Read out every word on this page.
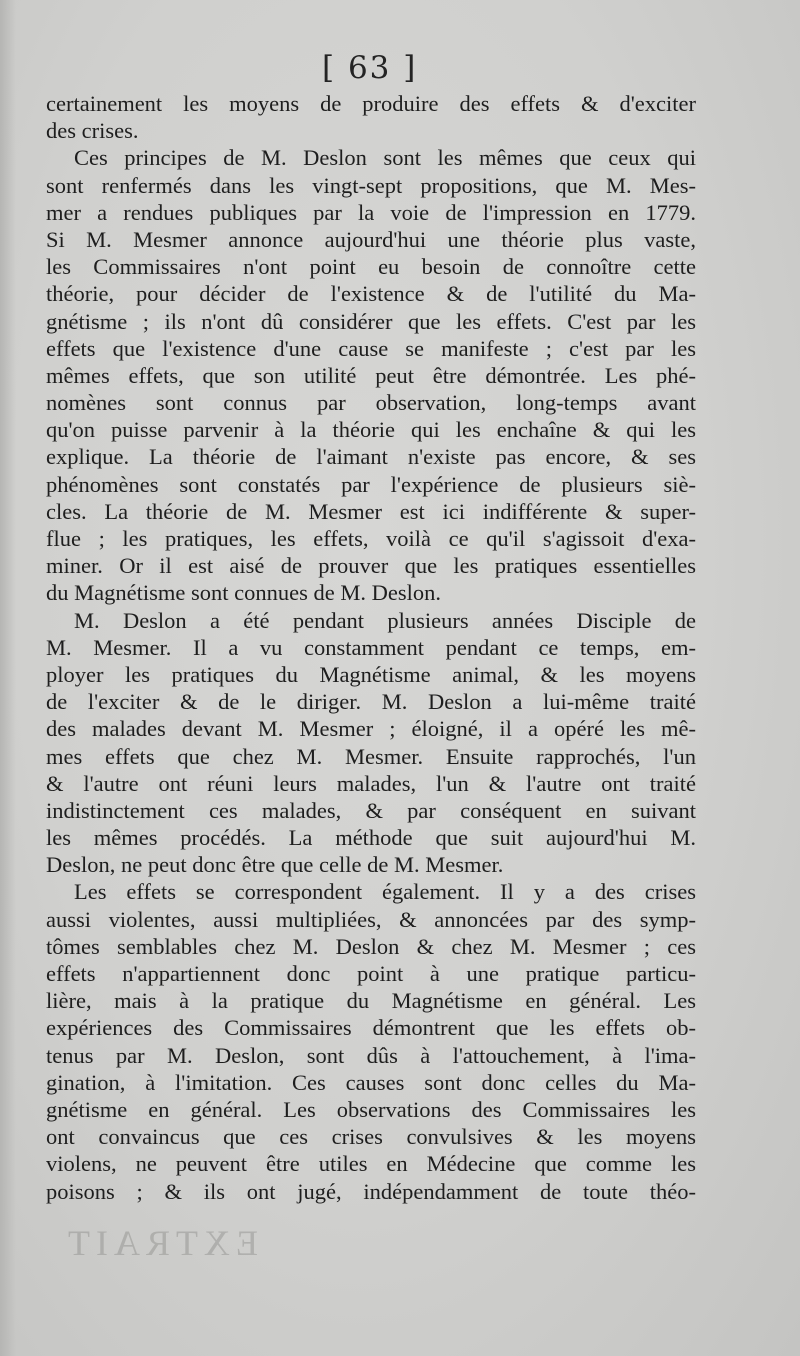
[ 63 ]
EXTRAIT
certainement les moyens de produire des effets & d'exciter
des crises.
Ces principes de M. Deslon sont les mêmes que ceux qui
sont renfermés dans les vingt-sept propositions, que M. Mes-
mer a rendues publiques par la voie de l'impression en 1779.
Si M. Mesmer annonce aujourd'hui une théorie plus vaste,
les Commissaires n'ont point eu besoin de connoître cette
théorie, pour décider de l'existence & de l'utilité du Ma-
gnétisme ; ils n'ont dû considérer que les effets. C'est par les
effets que l'existence d'une cause se manifeste ; c'est par les
mêmes effets, que son utilité peut être démontrée. Les phé-
nomènes sont connus par observation, long-temps avant
qu'on puisse parvenir à la théorie qui les enchaîne & qui les
explique. La théorie de l'aimant n'existe pas encore, & ses
phénomènes sont constatés par l'expérience de plusieurs siè-
cles. La théorie de M. Mesmer est ici indifférente & super-
flue ; les pratiques, les effets, voilà ce qu'il s'agissoit d'exa-
miner. Or il est aisé de prouver que les pratiques essentielles
du Magnétisme sont connues de M. Deslon.
M. Deslon a été pendant plusieurs années Disciple de
M. Mesmer. Il a vu constamment pendant ce temps, em-
ployer les pratiques du Magnétisme animal, & les moyens
de l'exciter & de le diriger. M. Deslon a lui-même traité
des malades devant M. Mesmer ; éloigné, il a opéré les mê-
mes effets que chez M. Mesmer. Ensuite rapprochés, l'un
& l'autre ont réuni leurs malades, l'un & l'autre ont traité
indistinctement ces malades, & par conséquent en suivant
les mêmes procédés. La méthode que suit aujourd'hui M.
Deslon, ne peut donc être que celle de M. Mesmer.
Les effets se correspondent également. Il y a des crises
aussi violentes, aussi multipliées, & annoncées par des symp-
tômes semblables chez M. Deslon & chez M. Mesmer ; ces
effets n'appartiennent donc point à une pratique particu-
lière, mais à la pratique du Magnétisme en général. Les
expériences des Commissaires démontrent que les effets ob-
tenus par M. Deslon, sont dûs à l'attouchement, à l'ima-
gination, à l'imitation. Ces causes sont donc celles du Ma-
gnétisme en général. Les observations des Commissaires les
ont convaincus que ces crises convulsives & les moyens
violens, ne peuvent être utiles en Médecine que comme les
poisons ; & ils ont jugé, indépendamment de toute théo-
